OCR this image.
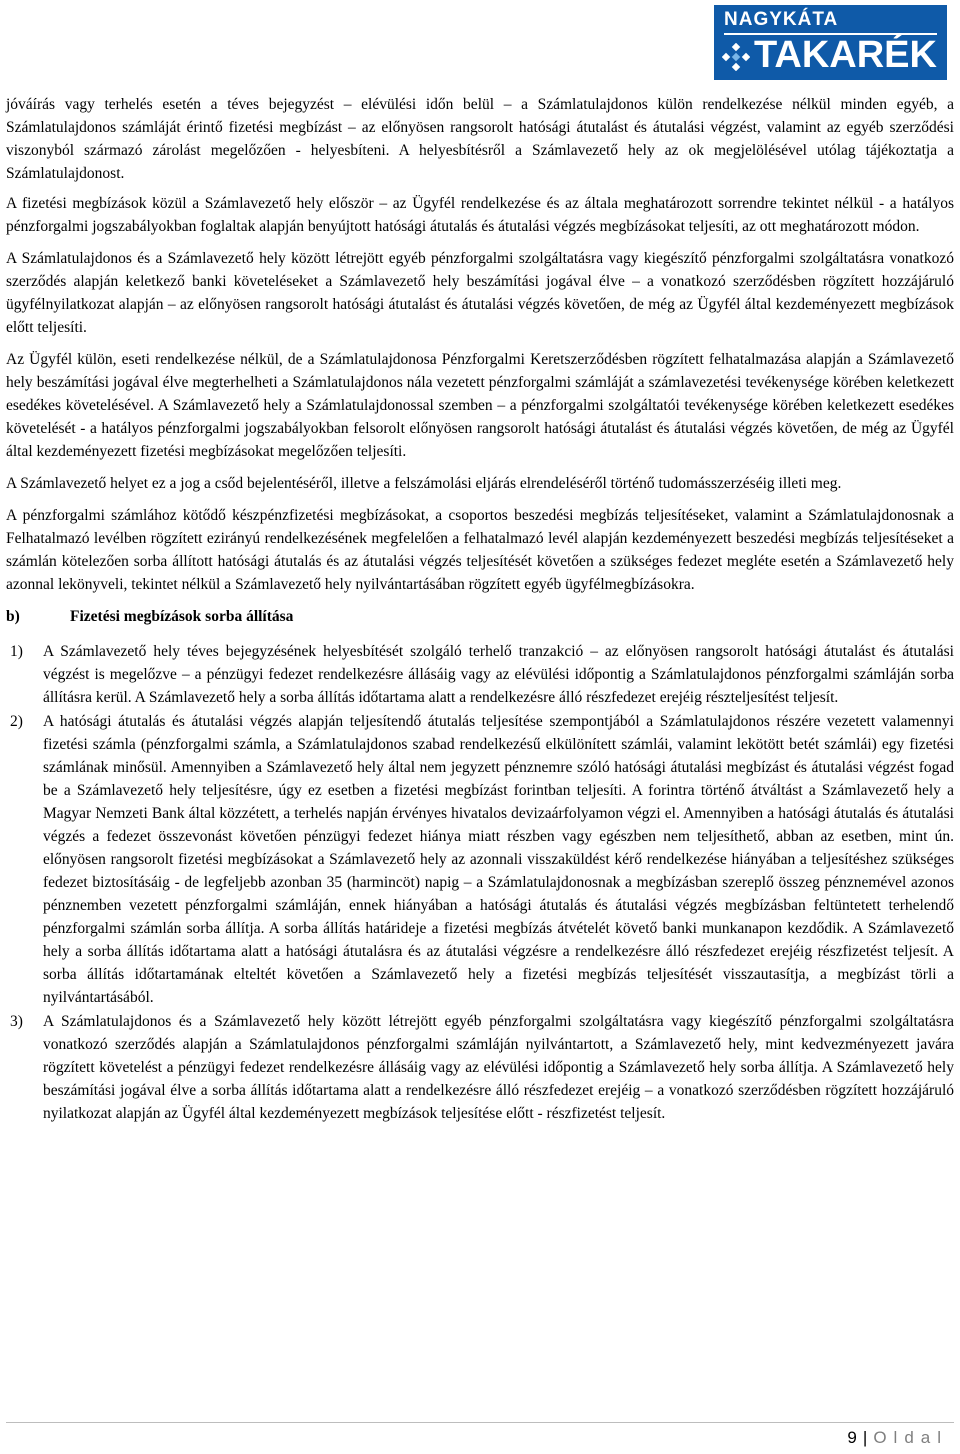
NAGYKÁTA
TAKARÉK

jóváírás vagy terhelés esetén a téves bejegyzést – elévülési időn belül – a Számlatulajdonos külön rendelkezése nélkül minden egyéb, a Számlatulajdonos számláját érintő fizetési megbízást – az előnyösen rangsorolt hatósági átutalást és átutalási végzést, valamint az egyéb szerződési viszonyból származó zárolást megelőzően - helyesbíteni. A helyesbítésről a Számlavezető hely az ok megjelölésével utólag tájékoztatja a Számlatulajdonost.

A fizetési megbízások közül a Számlavezető hely először – az Ügyfél rendelkezése és az általa meghatározott sorrendre tekintet nélkül - a hatályos pénzforgalmi jogszabályokban foglaltak alapján benyújtott hatósági átutalás és átutalási végzés megbízásokat teljesíti, az ott meghatározott módon.

A Számlatulajdonos és a Számlavezető hely között létrejött egyéb pénzforgalmi szolgáltatásra vagy kiegészítő pénzforgalmi szolgáltatásra vonatkozó szerződés alapján keletkező banki követeléseket a Számlavezető hely beszámítási jogával élve – a vonatkozó szerződésben rögzített hozzájáruló ügyfélnyilatkozat alapján – az előnyösen rangsorolt hatósági átutalást és átutalási végzés követően, de még az Ügyfél által kezdeményezett megbízások előtt teljesíti.

Az Ügyfél külön, eseti rendelkezése nélkül, de a Számlatulajdonosa Pénzforgalmi Keretszerződésben rögzített felhatalmazása alapján a Számlavezető hely beszámítási jogával élve megterhelheti a Számlatulajdonos nála vezetett pénzforgalmi számláját a számlavezetési tevékenysége körében keletkezett esedékes követelésével. A Számlavezető hely a Számlatulajdonossal szemben – a pénzforgalmi szolgáltatói tevékenysége körében keletkezett esedékes követelését - a hatályos pénzforgalmi jogszabályokban felsorolt előnyösen rangsorolt hatósági átutalást és átutalási végzés követően, de még az Ügyfél által kezdeményezett fizetési megbízásokat megelőzően teljesíti.

A Számlavezető helyet ez a jog a csőd bejelentéséről, illetve a felszámolási eljárás elrendeléséről történő tudomásszerzéséig illeti meg.

A pénzforgalmi számlához kötődő készpénzfizetési megbízásokat, a csoportos beszedési megbízás teljesítéseket, valamint a Számlatulajdonosnak a Felhatalmazó levélben rögzített ezirányú rendelkezésének megfelelően a felhatalmazó levél alapján kezdeményezett beszedési megbízás teljesítéseket a számlán kötelezően sorba állított hatósági átutalás és az átutalási végzés teljesítését követően a szükséges fedezet megléte esetén a Számlavezető hely azonnal lekönyveli, tekintet nélkül a Számlavezető hely nyilvántartásában rögzített egyéb ügyfélmegbízásokra.

b)	Fizetési megbízások sorba állítása
1)	A Számlavezető hely téves bejegyzésének helyesbítését szolgáló terhelő tranzakció – az előnyösen rangsorolt hatósági átutalást és átutalási végzést is megelőzve – a pénzügyi fedezet rendelkezésre állásáig vagy az elévülési időpontig a Számlatulajdonos pénzforgalmi számláján sorba állításra kerül. A Számlavezető hely a sorba állítás időtartama alatt a rendelkezésre álló részfedezet erejéig részteljesítést teljesít.
2)	A hatósági átutalás és átutalási végzés alapján teljesítendő átutalás teljesítése szempontjából a Számlatulajdonos részére vezetett valamennyi fizetési számla (pénzforgalmi számla, a Számlatulajdonos szabad rendelkezésű elkülönített számlái, valamint lekötött betét számlái) egy fizetési számlának minősül. Amennyiben a Számlavezető hely által nem jegyzett pénznemre szóló hatósági átutalási megbízást és átutalási végzést fogad be a Számlavezető hely teljesítésre, úgy ez esetben a fizetési megbízást forintban teljesíti. A forintra történő átváltást a Számlavezető hely a Magyar Nemzeti Bank által közzétett, a terhelés napján érvényes hivatalos devizaárfolyamon végzi el. Amennyiben a hatósági átutalás és átutalási végzés a fedezet összevonást követően pénzügyi fedezet hiánya miatt részben vagy egészben nem teljesíthető, abban az esetben, mint ún. előnyösen rangsorolt fizetési megbízásokat a Számlavezető hely az azonnali visszaküldést kérő rendelkezése hiányában a teljesítéshez szükséges fedezet biztosításáig - de legfeljebb azonban 35 (harmincöt) napig – a Számlatulajdonosnak a megbízásban szereplő összeg pénznemével azonos pénznemben vezetett pénzforgalmi számláján, ennek hiányában a hatósági átutalás és átutalási végzés megbízásban feltüntetett terhelendő pénzforgalmi számlán sorba állítja. A sorba állítás határideje a fizetési megbízás átvételét követő banki munkanapon kezdődik. A Számlavezető hely a sorba állítás időtartama alatt a hatósági átutalásra és az átutalási végzésre a rendelkezésre álló részfedezet erejéig részfizetést teljesít. A sorba állítás időtartamának elteltét követően a Számlavezető hely a fizetési megbízás teljesítését visszautasítja, a megbízást törli a nyilvántartásából.
3)	A Számlatulajdonos és a Számlavezető hely között létrejött egyéb pénzforgalmi szolgáltatásra vagy kiegészítő pénzforgalmi szolgáltatásra vonatkozó szerződés alapján a Számlatulajdonos pénzforgalmi számláján nyilvántartott, a Számlavezető hely, mint kedvezményezett javára rögzített követelést a pénzügyi fedezet rendelkezésre állásáig vagy az elévülési időpontig a Számlavezető hely sorba állítja. A Számlavezető hely beszámítási jogával élve a sorba állítás időtartama alatt a rendelkezésre álló részfedezet erejéig – a vonatkozó szerződésben rögzített hozzájáruló nyilatkozat alapján az Ügyfél által kezdeményezett megbízások teljesítése előtt - részfizetést teljesít.
9 | Oldal
